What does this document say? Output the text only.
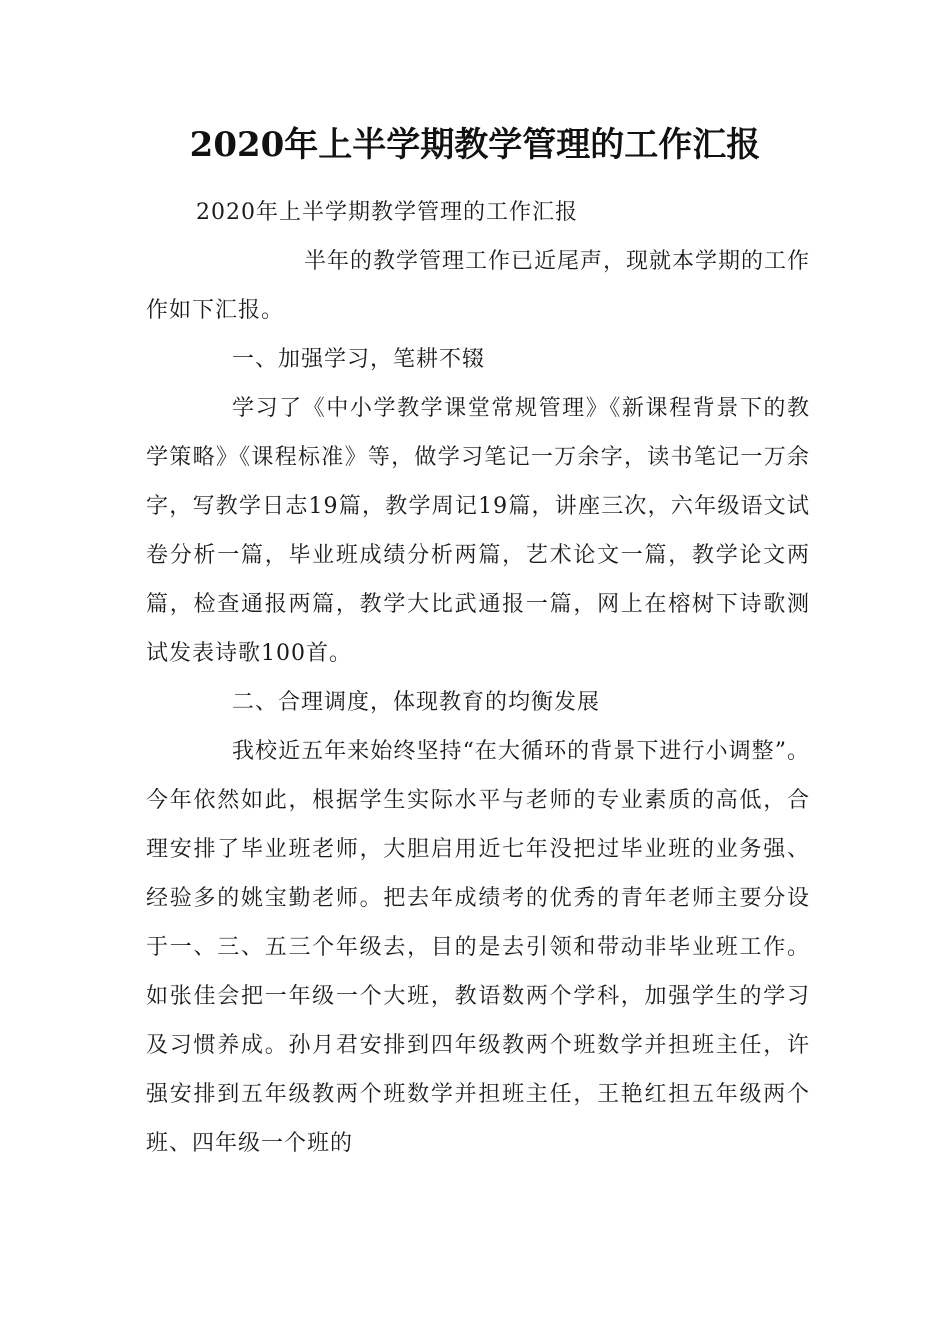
2020年上半学期教学管理的工作汇报

2020年上半学期教学管理的工作汇报

半年的教学管理工作已近尾声，现就本学期的工作作如下汇报。

一、加强学习，笔耕不辍

学习了《中小学教学课堂常规管理》《新课程背景下的教学策略》《课程标准》等，做学习笔记一万余字，读书笔记一万余字，写教学日志19篇，教学周记19篇，讲座三次，六年级语文试卷分析一篇，毕业班成绩分析两篇，艺术论文一篇，教学论文两篇，检查通报两篇，教学大比武通报一篇，网上在榕树下诗歌测试发表诗歌100首。

二、合理调度，体现教育的均衡发展

我校近五年来始终坚持“在大循环的背景下进行小调整”。今年依然如此，根据学生实际水平与老师的专业素质的高低，合理安排了毕业班老师，大胆启用近七年没把过毕业班的业务强、经验多的姚宝勤老师。把去年成绩考的优秀的青年老师主要分设于一、三、五三个年级去，目的是去引领和带动非毕业班工作。如张佳会把一年级一个大班，教语数两个学科，加强学生的学习及习惯养成。孙月君安排到四年级教两个班数学并担班主任，许强安排到五年级教两个班数学并担班主任，王艳红担五年级两个班、四年级一个班的
